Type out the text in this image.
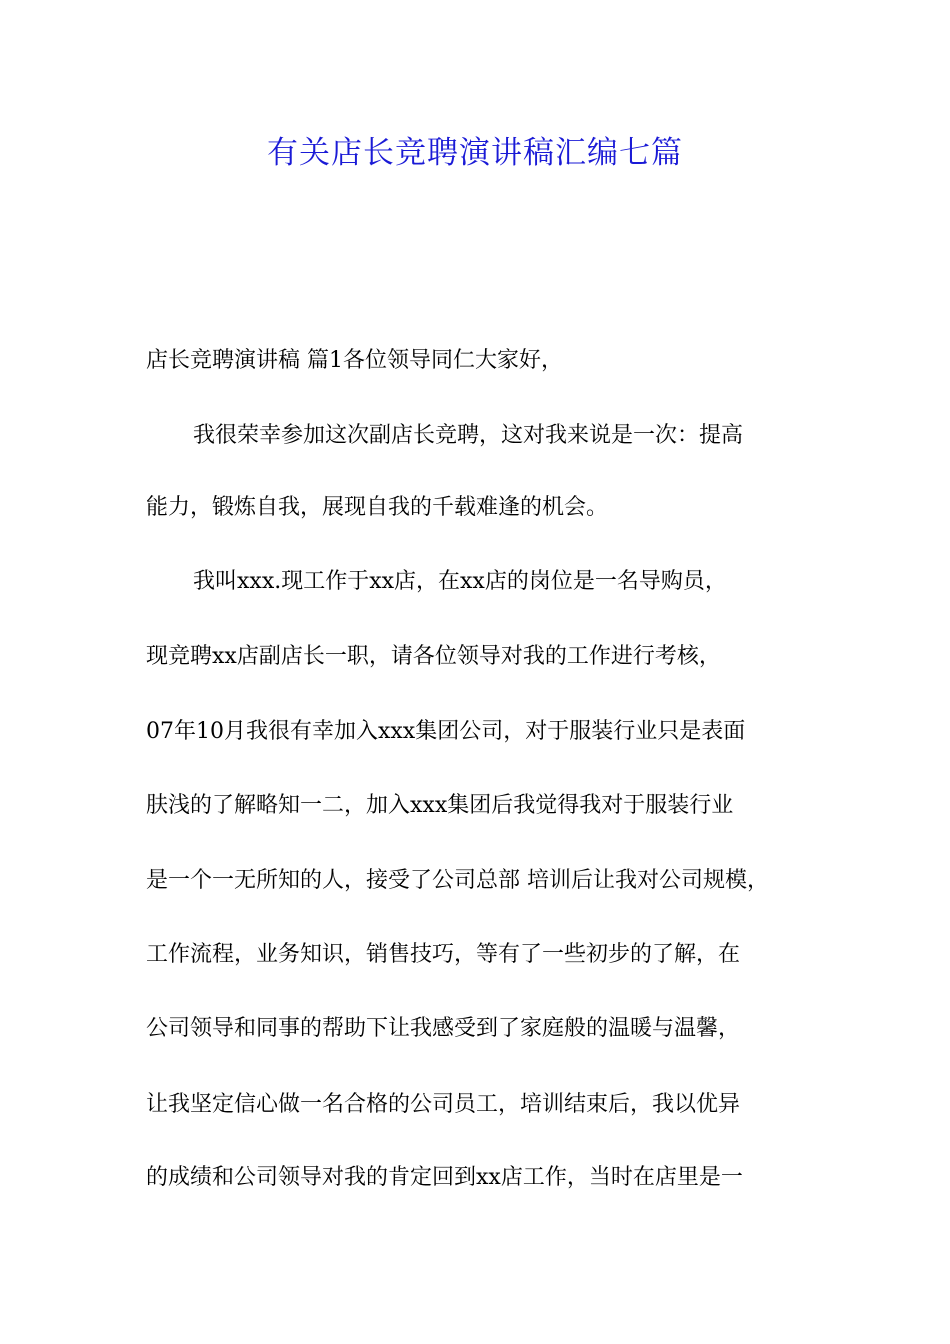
有关店长竞聘演讲稿汇编七篇
店长竞聘演讲稿 篇1各位领导同仁大家好，
我很荣幸参加这次副店长竞聘，这对我来说是一次：提高
能力，锻炼自我，展现自我的千载难逢的机会。
我叫xxx.现工作于xx店，在xx店的岗位是一名导购员，
现竞聘xx店副店长一职，请各位领导对我的工作进行考核，
07年10月我很有幸加入xxx集团公司，对于服装行业只是表面
肤浅的了解略知一二，加入xxx集团后我觉得我对于服装行业
是一个一无所知的人，接受了公司总部 培训后让我对公司规模，
工作流程，业务知识，销售技巧，等有了一些初步的了解，在
公司领导和同事的帮助下让我感受到了家庭般的温暖与温馨，
让我坚定信心做一名合格的公司员工，培训结束后，我以优异
的成绩和公司领导对我的肯定回到xx店工作，当时在店里是一
